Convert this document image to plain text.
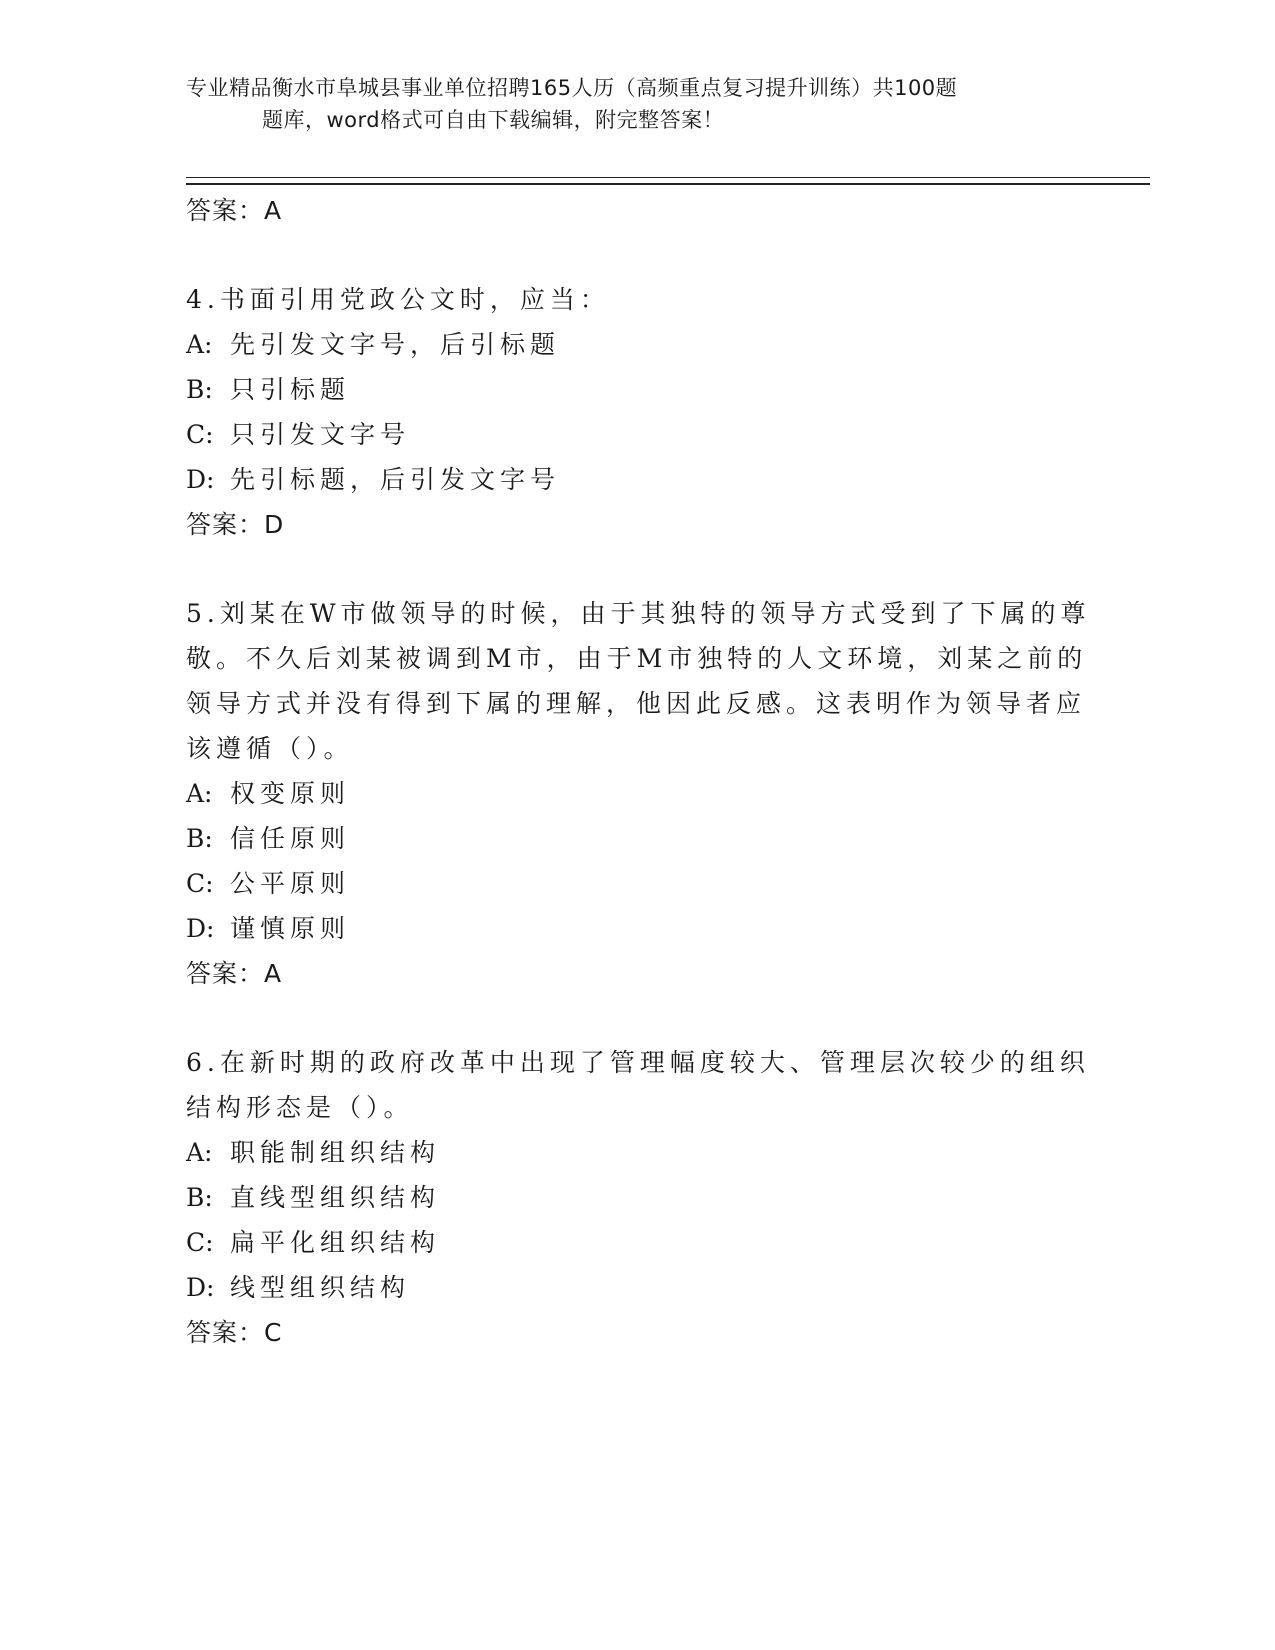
专业精品衡水市阜城县事业单位招聘165人历（高频重点复习提升训练）共100题
题库，word格式可自由下载编辑，附完整答案！
答案：A
4.书面引用党政公文时，应当：
A: 先引发文字号，后引标题
B: 只引标题
C: 只引发文字号
D: 先引标题，后引发文字号
答案：D
5.刘某在W市做领导的时候，由于其独特的领导方式受到了下属的尊
敬。不久后刘某被调到M市，由于M市独特的人文环境，刘某之前的
领导方式并没有得到下属的理解，他因此反感。这表明作为领导者应
该遵循（）。
A: 权变原则
B: 信任原则
C: 公平原则
D: 谨慎原则
答案：A
6.在新时期的政府改革中出现了管理幅度较大、管理层次较少的组织
结构形态是（）。
A: 职能制组织结构
B: 直线型组织结构
C: 扁平化组织结构
D: 线型组织结构
答案：C
